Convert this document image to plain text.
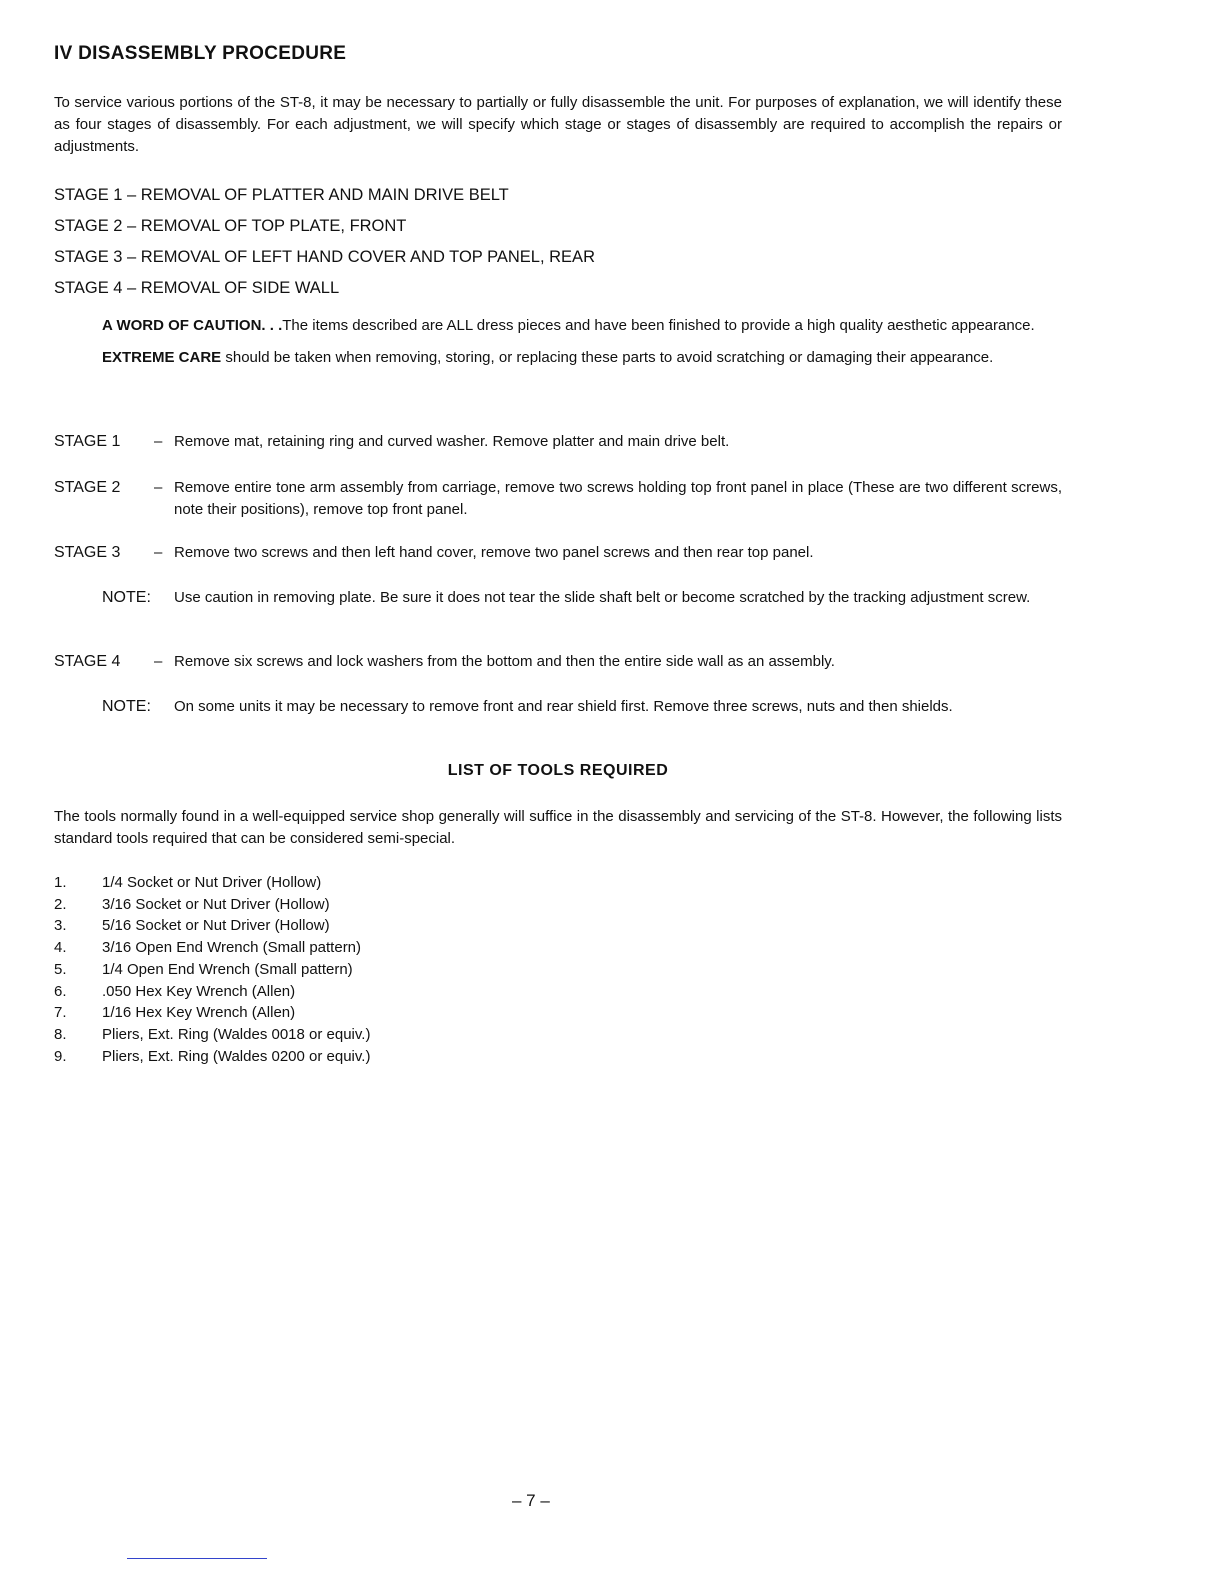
IV DISASSEMBLY PROCEDURE
To service various portions of the ST-8, it may be necessary to partially or fully disassemble the unit. For purposes of explanation, we will identify these as four stages of disassembly. For each adjustment, we will specify which stage or stages of disassembly are required to accomplish the repairs or adjustments.
STAGE 1 – REMOVAL OF PLATTER AND MAIN DRIVE BELT
STAGE 2 – REMOVAL OF TOP PLATE, FRONT
STAGE 3 – REMOVAL OF LEFT HAND COVER AND TOP PANEL, REAR
STAGE 4 – REMOVAL OF SIDE WALL

A WORD OF CAUTION. . .The items described are ALL dress pieces and have been finished to provide a high quality aesthetic appearance.

EXTREME CARE should be taken when removing, storing, or replacing these parts to avoid scratching or damaging their appearance.

STAGE 1	– Remove mat, retaining ring and curved washer. Remove platter and main drive belt.
STAGE 2	– Remove entire tone arm assembly from carriage, remove two screws holding top front panel in place (These are two different screws, note their positions), remove top front panel.
STAGE 3	– Remove two screws and then left hand cover, remove two panel screws and then rear top panel.
NOTE:	Use caution in removing plate. Be sure it does not tear the slide shaft belt or become scratched by the tracking adjustment screw.
STAGE 4	– Remove six screws and lock washers from the bottom and then the entire side wall as an assembly.
NOTE:	On some units it may be necessary to remove front and rear shield first. Remove three screws, nuts and then shields.
LIST OF TOOLS REQUIRED
The tools normally found in a well-equipped service shop generally will suffice in the disassembly and servicing of the ST-8. However, the following lists standard tools required that can be considered semi-special.
1.	1/4 Socket or Nut Driver (Hollow)
2.	3/16 Socket or Nut Driver (Hollow)
3.	5/16 Socket or Nut Driver (Hollow)
4.	3/16 Open End Wrench (Small pattern)
5.	1/4 Open End Wrench (Small pattern)
6.	.050 Hex Key Wrench (Allen)
7.	1/16 Hex Key Wrench (Allen)
8.	Pliers, Ext. Ring (Waldes 0018 or equiv.)
9.	Pliers, Ext. Ring (Waldes 0200 or equiv.)
– 7 –
